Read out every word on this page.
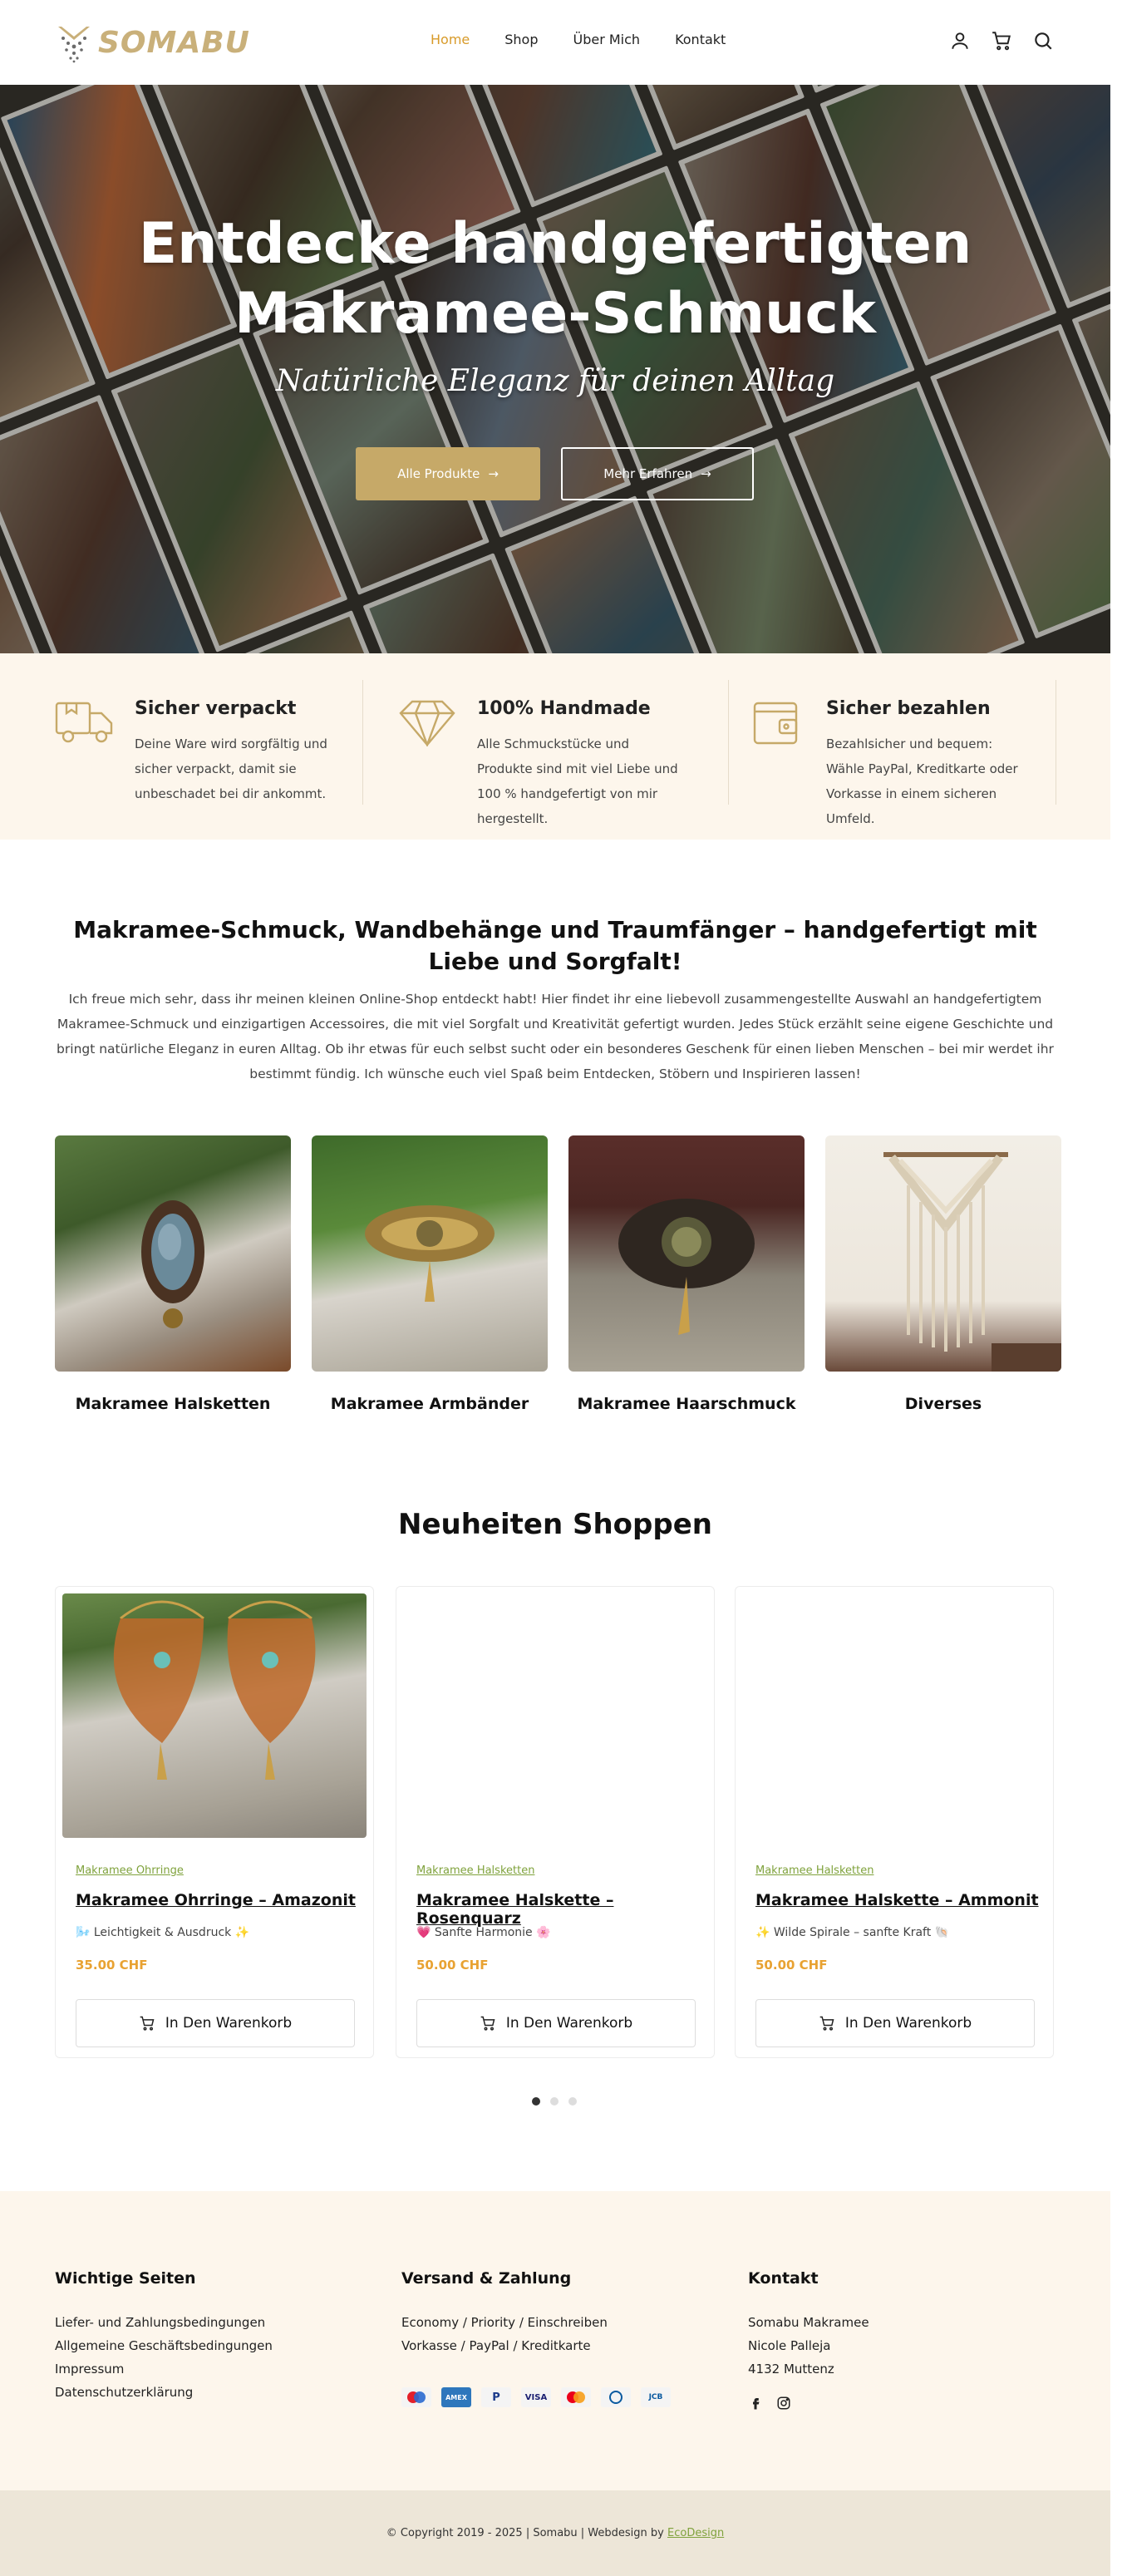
SOMABU	Home	Shop	Über Mich	Kontakt
Entdecke handgefertigten
Makramee-Schmuck
Natürliche Eleganz für deinen Alltag
Alle Produkte →	Mehr Erfahren →
Sicher verpackt

Deine Ware wird sorgfältig und sicher verpackt, damit sie unbeschadet bei dir ankommt.

100% Handmade

Alle Schmuckstücke und Produkte sind mit viel Liebe und 100 % handgefertigt von mir hergestellt.

Sicher bezahlen

Bezahlsicher und bequem: Wähle PayPal, Kreditkarte oder Vorkasse in einem sicheren Umfeld.

Makramee-Schmuck, Wandbehänge und Traumfänger – handgefertigt mit Liebe und Sorgfalt!

Ich freue mich sehr, dass ihr meinen kleinen Online-Shop entdeckt habt! Hier findet ihr eine liebevoll zusammengestellte Auswahl an handgefertigtem Makramee-Schmuck und einzigartigen Accessoires, die mit viel Sorgfalt und Kreativität gefertigt wurden. Jedes Stück erzählt seine eigene Geschichte und bringt natürliche Eleganz in euren Alltag. Ob ihr etwas für euch selbst sucht oder ein besonderes Geschenk für einen lieben Menschen – bei mir werdet ihr bestimmt fündig. Ich wünsche euch viel Spaß beim Entdecken, Stöbern und Inspirieren lassen!

Makramee Halsketten	Makramee Armbänder	Makramee Haarschmuck	Diverses
Neuheiten Shoppen
Makramee Ohrringe
Makramee Ohrringe – Amazonit
🌬️ Leichtigkeit & Ausdruck ✨
35.00 CHF
In Den Warenkorb
Makramee Halsketten
Makramee Halskette – Rosenquarz
💗 Sanfte Harmonie 🌸
50.00 CHF
In Den Warenkorb
Makramee Halsketten
Makramee Halskette – Ammonit
✨ Wilde Spirale – sanfte Kraft 🐚
50.00 CHF
In Den Warenkorb
Wichtige Seiten
Liefer- und Zahlungsbedingungen
Allgemeine Geschäftsbedingungen
Impressum
Datenschutzerklärung
Versand & Zahlung
Economy / Priority / Einschreiben
Vorkasse / PayPal / Kreditkarte
AMEX	P	VISA	JCB
Kontakt
Somabu Makramee
Nicole Palleja
4132 Muttenz
© Copyright 2019 - 2025 | Somabu | Webdesign by EcoDesign
